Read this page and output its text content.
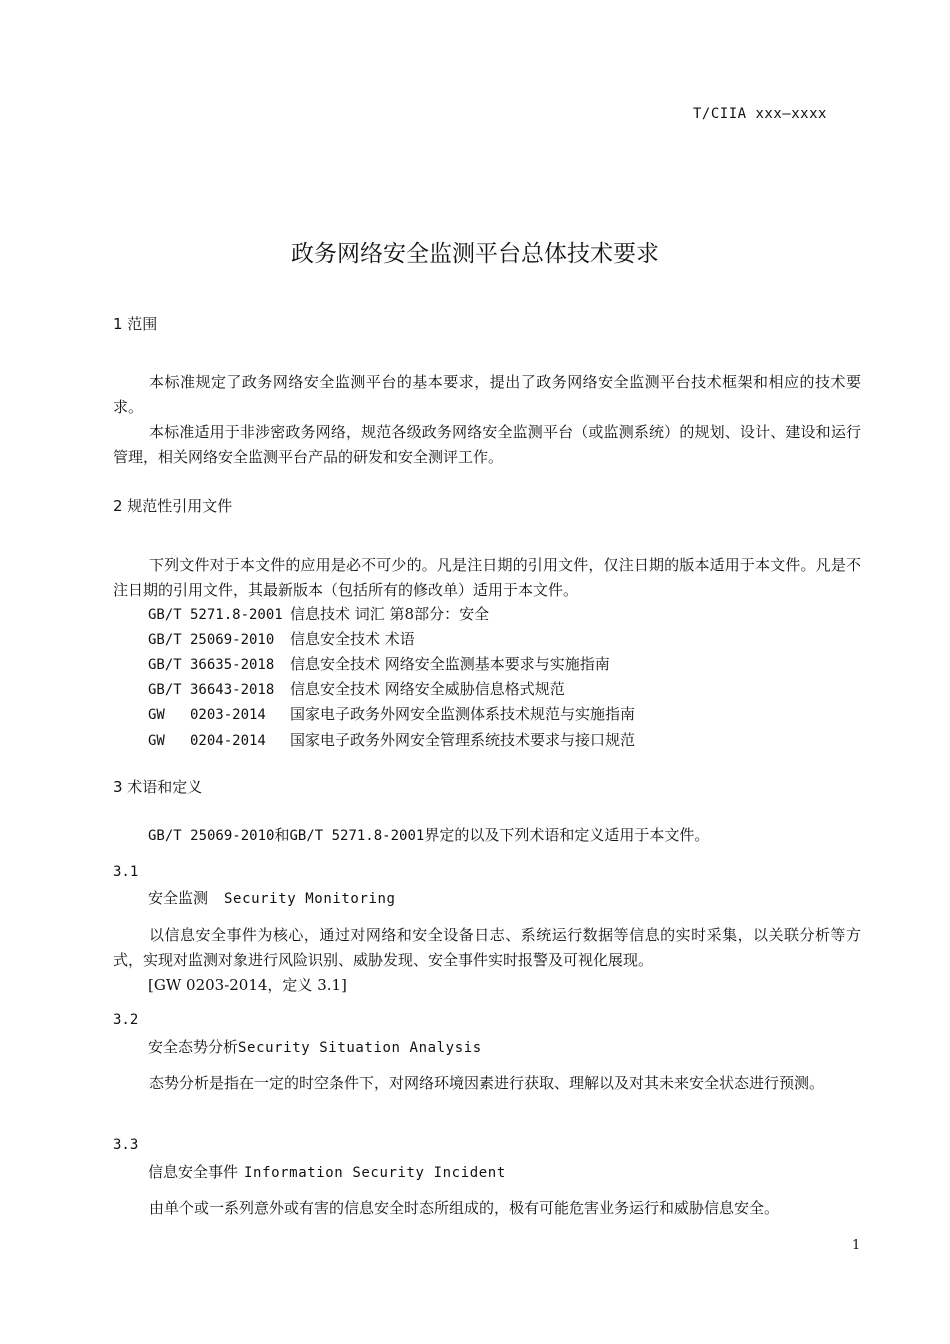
T/CIIA xxx—xxxx
政务网络安全监测平台总体技术要求
1 范围
本标准规定了政务网络安全监测平台的基本要求，提出了政务网络安全监测平台技术框架和相应的技术要求。
本标准适用于非涉密政务网络，规范各级政务网络安全监测平台（或监测系统）的规划、设计、建设和运行管理，相关网络安全监测平台产品的研发和安全测评工作。
2 规范性引用文件
下列文件对于本文件的应用是必不可少的。凡是注日期的引用文件，仅注日期的版本适用于本文件。凡是不注日期的引用文件，其最新版本（包括所有的修改单）适用于本文件。
GB/T 5271.8-2001 信息技术 词汇 第8部分：安全
GB/T 25069-2010 信息安全技术 术语
GB/T 36635-2018 信息安全技术 网络安全监测基本要求与实施指南
GB/T 36643-2018 信息安全技术 网络安全威胁信息格式规范
GW 0203-2014 国家电子政务外网安全监测体系技术规范与实施指南
GW 0204-2014 国家电子政务外网安全管理系统技术要求与接口规范
3 术语和定义
GB/T 25069-2010和GB/T 5271.8-2001界定的以及下列术语和定义适用于本文件。
3.1
安全监测 Security Monitoring
以信息安全事件为核心，通过对网络和安全设备日志、系统运行数据等信息的实时采集，以关联分析等方式，实现对监测对象进行风险识别、威胁发现、安全事件实时报警及可视化展现。
[GW 0203-2014，定义 3.1]
3.2
安全态势分析Security Situation Analysis
态势分析是指在一定的时空条件下，对网络环境因素进行获取、理解以及对其未来安全状态进行预测。
3.3
信息安全事件 Information Security Incident
由单个或一系列意外或有害的信息安全时态所组成的，极有可能危害业务运行和威胁信息安全。
1
